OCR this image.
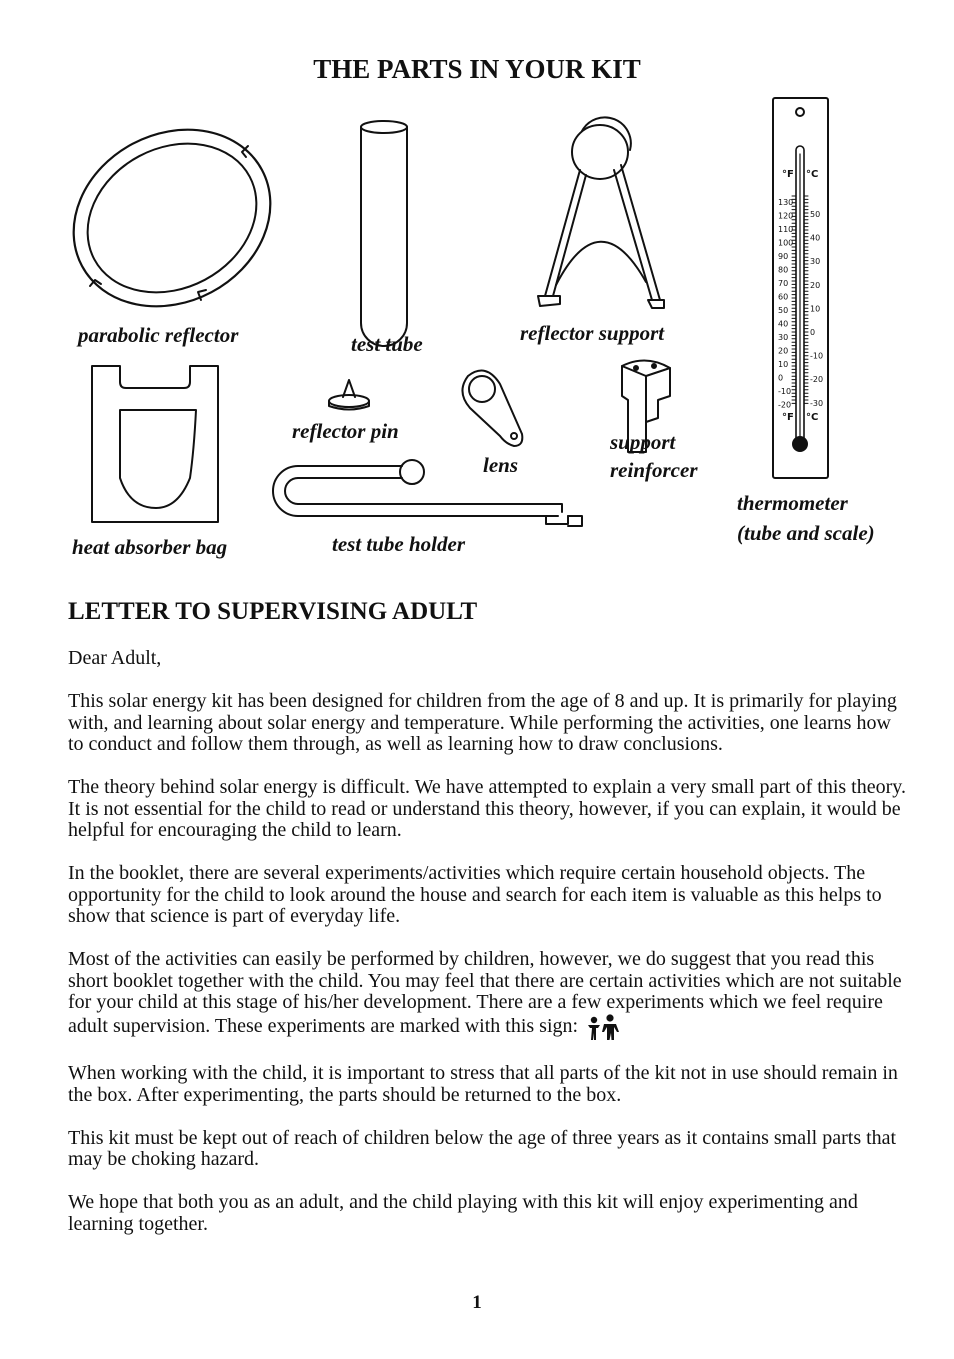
THE PARTS IN YOUR KIT
°F °C
130
120
110
100
90
80
70
60
50
40
30
20
10
0
-10
-20
50
40
30
20
10
0
-10
-20
-30
°F °C
parabolic reflector	test tube	reflector support
reflector pin
lens
support
reinforcer
thermometer
(tube and scale)
heat absorber bag	test tube holder
LETTER TO SUPERVISING ADULT

Dear Adult,

This solar energy kit has been designed for children from the age of 8 and up. It is primarily for playing with, and learning about solar energy and temperature. While performing the activities, one learns how to conduct and follow them through, as well as learning how to draw conclusions.

The theory behind solar energy is difficult. We have attempted to explain a very small part of this theory. It is not essential for the child to read or understand this theory, however, if you can explain, it would be helpful for encouraging the child to learn.

In the booklet, there are several experiments/activities which require certain household objects. The opportunity for the child to look around the house and search for each item is valuable as this helps to show that science is part of everyday life.

Most of the activities can easily be performed by children, however, we do suggest that you read this short booklet together with the child. You may feel that there are certain activities which are not suitable for your child at this stage of his/her development. There are a few experiments which we feel require adult supervision. These experiments are marked with this sign:

When working with the child, it is important to stress that all parts of the kit not in use should remain in the box. After experimenting, the parts should be returned to the box.

This kit must be kept out of reach of children below the age of three years as it contains small parts that may be choking hazard.

We hope that both you as an adult, and the child playing with this kit will enjoy experimenting and learning together.

1
